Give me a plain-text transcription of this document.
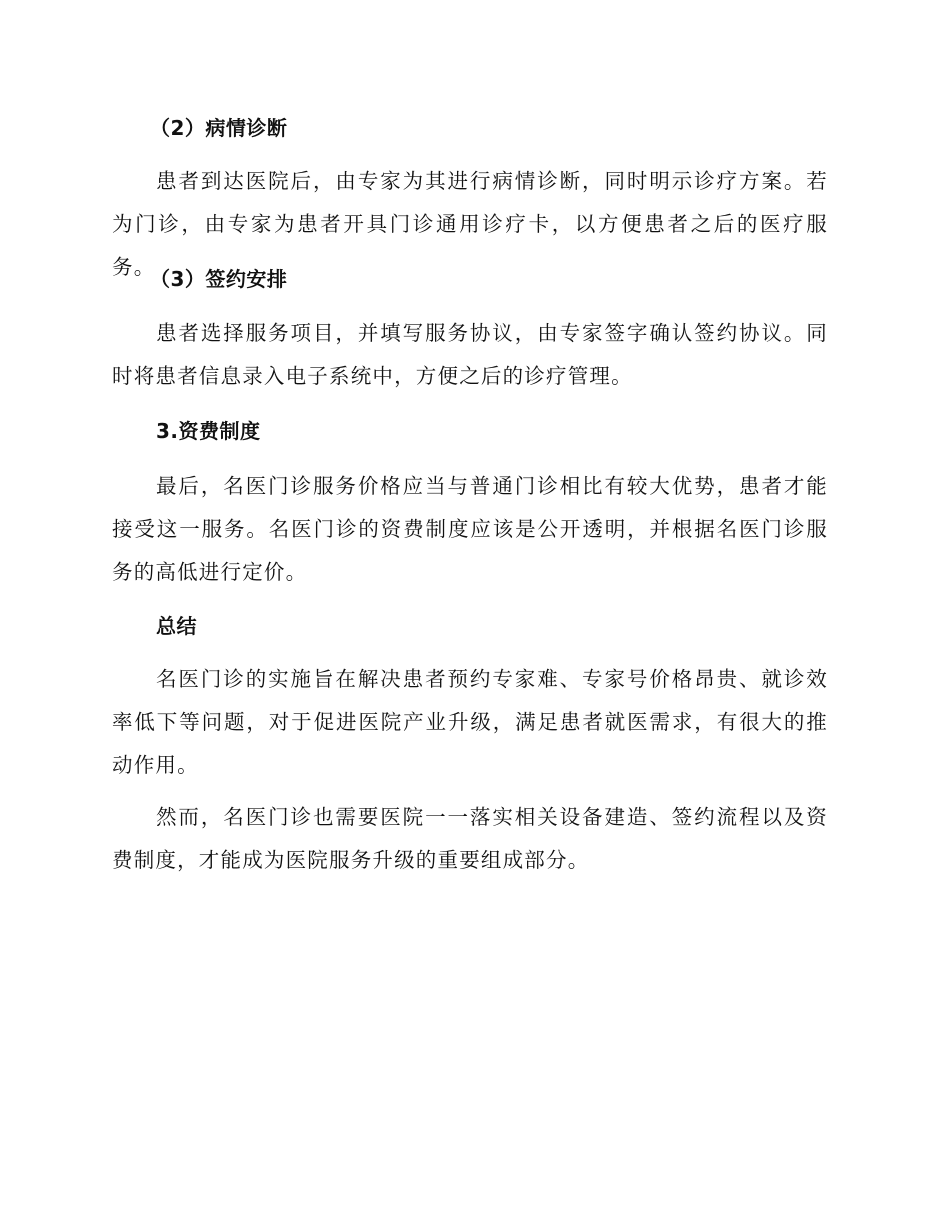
（2）病情诊断

患者到达医院后，由专家为其进行病情诊断，同时明示诊疗方案。若为门诊，由专家为患者开具门诊通用诊疗卡，以方便患者之后的医疗服务。

（3）签约安排

患者选择服务项目，并填写服务协议，由专家签字确认签约协议。同时将患者信息录入电子系统中，方便之后的诊疗管理。

3.资费制度

最后，名医门诊服务价格应当与普通门诊相比有较大优势，患者才能接受这一服务。名医门诊的资费制度应该是公开透明，并根据名医门诊服务的高低进行定价。

总结

名医门诊的实施旨在解决患者预约专家难、专家号价格昂贵、就诊效率低下等问题，对于促进医院产业升级，满足患者就医需求，有很大的推动作用。

然而，名医门诊也需要医院一一落实相关设备建造、签约流程以及资费制度，才能成为医院服务升级的重要组成部分。
